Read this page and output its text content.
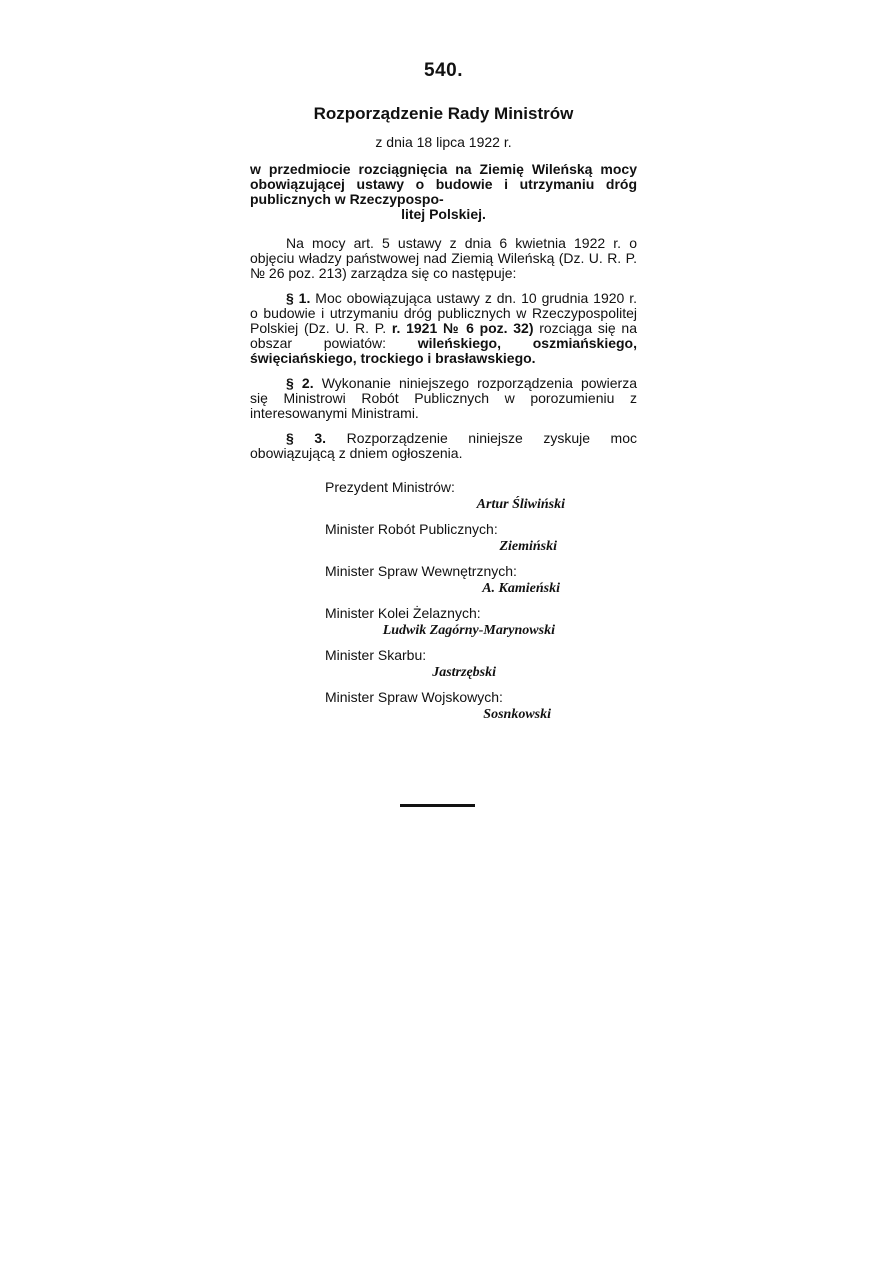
540.
Rozporządzenie Rady Ministrów
z dnia 18 lipca 1922 r.
w przedmiocie rozciągnięcia na Ziemię Wileńską mocy obowiązującej ustawy o budowie i utrzymaniu dróg publicznych w Rzeczypospo-
litej Polskiej.

Na mocy art. 5 ustawy z dnia 6 kwietnia 1922 r. o objęciu władzy państwowej nad Ziemią Wileńską (Dz. U. R. P. № 26 poz. 213) zarządza się co następuje:

§ 1. Moc obowiązująca ustawy z dn. 10 grudnia 1920 r. o budowie i utrzymaniu dróg publicznych w Rzeczypospolitej Polskiej (Dz. U. R. P. r. 1921 № 6 poz. 32) rozciąga się na obszar powiatów: wileńskiego, oszmiańskiego, święciańskiego, trockiego i brasławskiego.

§ 2. Wykonanie niniejszego rozporządzenia powierza się Ministrowi Robót Publicznych w porozumieniu z interesowanymi Ministrami.

§ 3. Rozporządzenie niniejsze zyskuje moc obowiązującą z dniem ogłoszenia.

Prezydent Ministrów:
Artur Śliwiński
Minister Robót Publicznych:
Ziemiński
Minister Spraw Wewnętrznych:
A. Kamieński
Minister Kolei Żelaznych:
Ludwik Zagórny-Marynowski
Minister Skarbu:
Jastrzębski
Minister Spraw Wojskowych:
Sosnkowski
